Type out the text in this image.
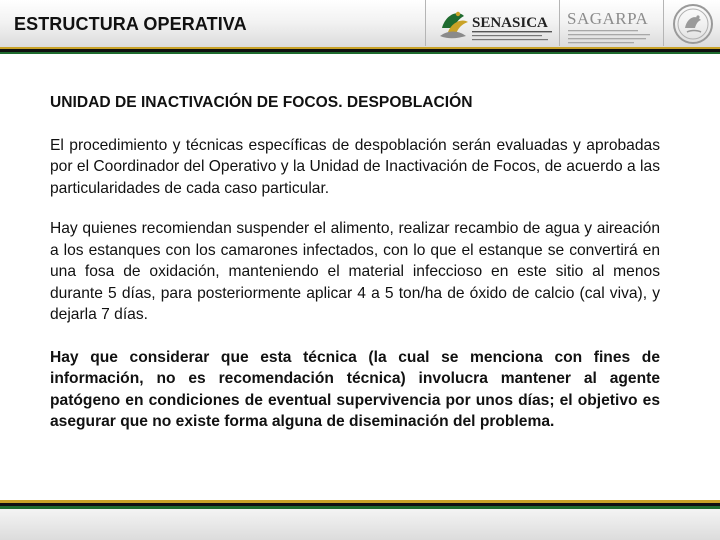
ESTRUCTURA OPERATIVA	SENASICA SAGARPA

UNIDAD DE INACTIVACIÓN DE FOCOS. DESPOBLACIÓN

El procedimiento y técnicas específicas de despoblación serán evaluadas y aprobadas por el Coordinador del Operativo y la Unidad de Inactivación de Focos, de acuerdo a las particularidades de cada caso particular.

Hay quienes recomiendan suspender el alimento, realizar recambio de agua y aireación a los estanques con los camarones infectados, con lo que el estanque se convertirá en una fosa de oxidación, manteniendo el material infeccioso en este sitio al menos durante 5 días, para posteriormente aplicar 4 a 5 ton/ha de óxido de calcio (cal viva), y dejarla 7 días.

Hay que considerar que esta técnica (la cual se menciona con fines de información, no es recomendación técnica) involucra mantener al agente patógeno en condiciones de eventual supervivencia por unos días; el objetivo es asegurar que no existe forma alguna de diseminación del problema.
